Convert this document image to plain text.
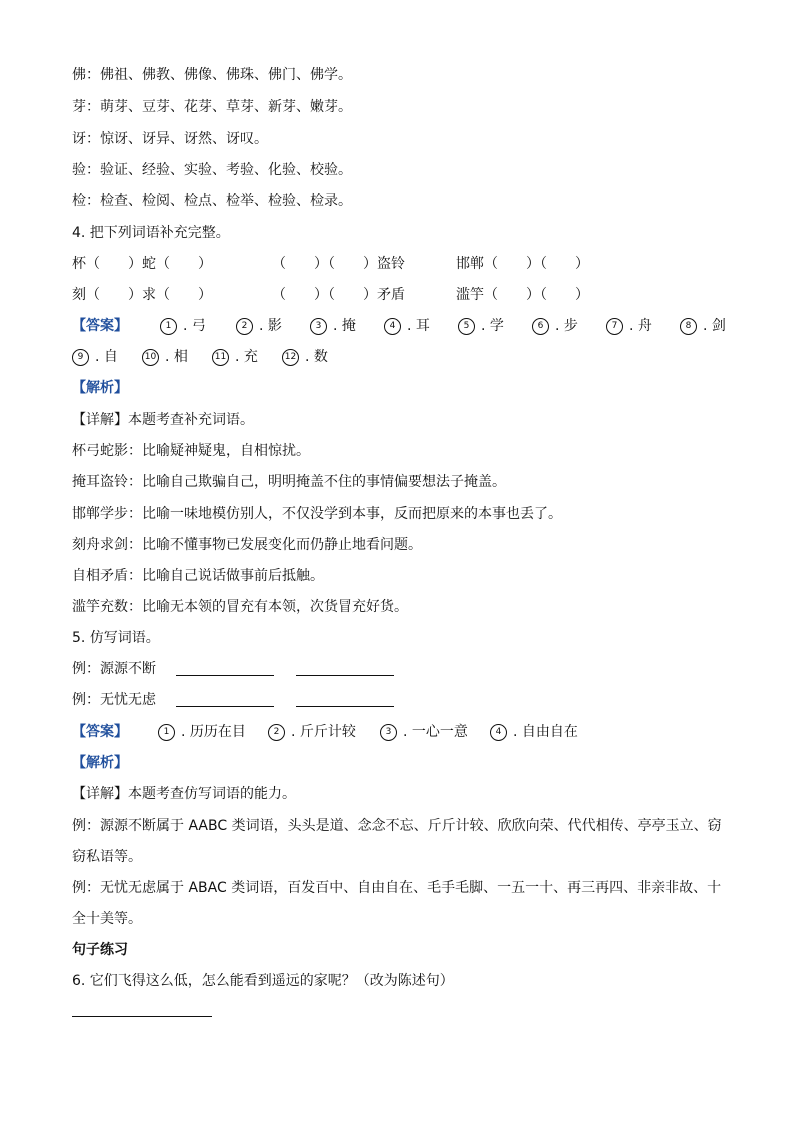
佛：佛祖、佛教、佛像、佛珠、佛门、佛学。
芽：萌芽、豆芽、花芽、草芽、新芽、嫩芽。
讶：惊讶、讶异、讶然、讶叹。
验：验证、经验、实验、考验、化验、校验。
检：检查、检阅、检点、检举、检验、检录。
4. 把下列词语补充完整。
杯（　　）蛇（　　）	（　　）（　　）盗铃	邯郸（　　）（　　）
刻（　　）求（　　）	（　　）（　　）矛盾	滥竽（　　）（　　）
【答案】	1 . 弓	2 . 影	3 . 掩	4 . 耳	5 . 学	6 . 步	7 . 舟	8 . 剑
9 . 自	10 . 相	11 . 充	12 . 数
【解析】
【详解】本题考查补充词语。
杯弓蛇影：比喻疑神疑鬼，自相惊扰。
掩耳盗铃：比喻自己欺骗自己，明明掩盖不住的事情偏要想法子掩盖。
邯郸学步：比喻一味地模仿别人，不仅没学到本事，反而把原来的本事也丢了。
刻舟求剑：比喻不懂事物已发展变化而仍静止地看问题。
自相矛盾：比喻自己说话做事前后抵触。
滥竽充数：比喻无本领的冒充有本领，次货冒充好货。
5. 仿写词语。
例：源源不断
例：无忧无虑
【答案】	1 . 历历在目	2 . 斤斤计较	3 . 一心一意	4 . 自由自在
【解析】
【详解】本题考查仿写词语的能力。
例：源源不断属于 AABC 类词语，头头是道、念念不忘、斤斤计较、欣欣向荣、代代相传、亭亭玉立、窃
窃私语等。
例：无忧无虑属于 ABAC 类词语，百发百中、自由自在、毛手毛脚、一五一十、再三再四、非亲非故、十
全十美等。
句子练习
6. 它们飞得这么低，怎么能看到遥远的家呢？（改为陈述句）
